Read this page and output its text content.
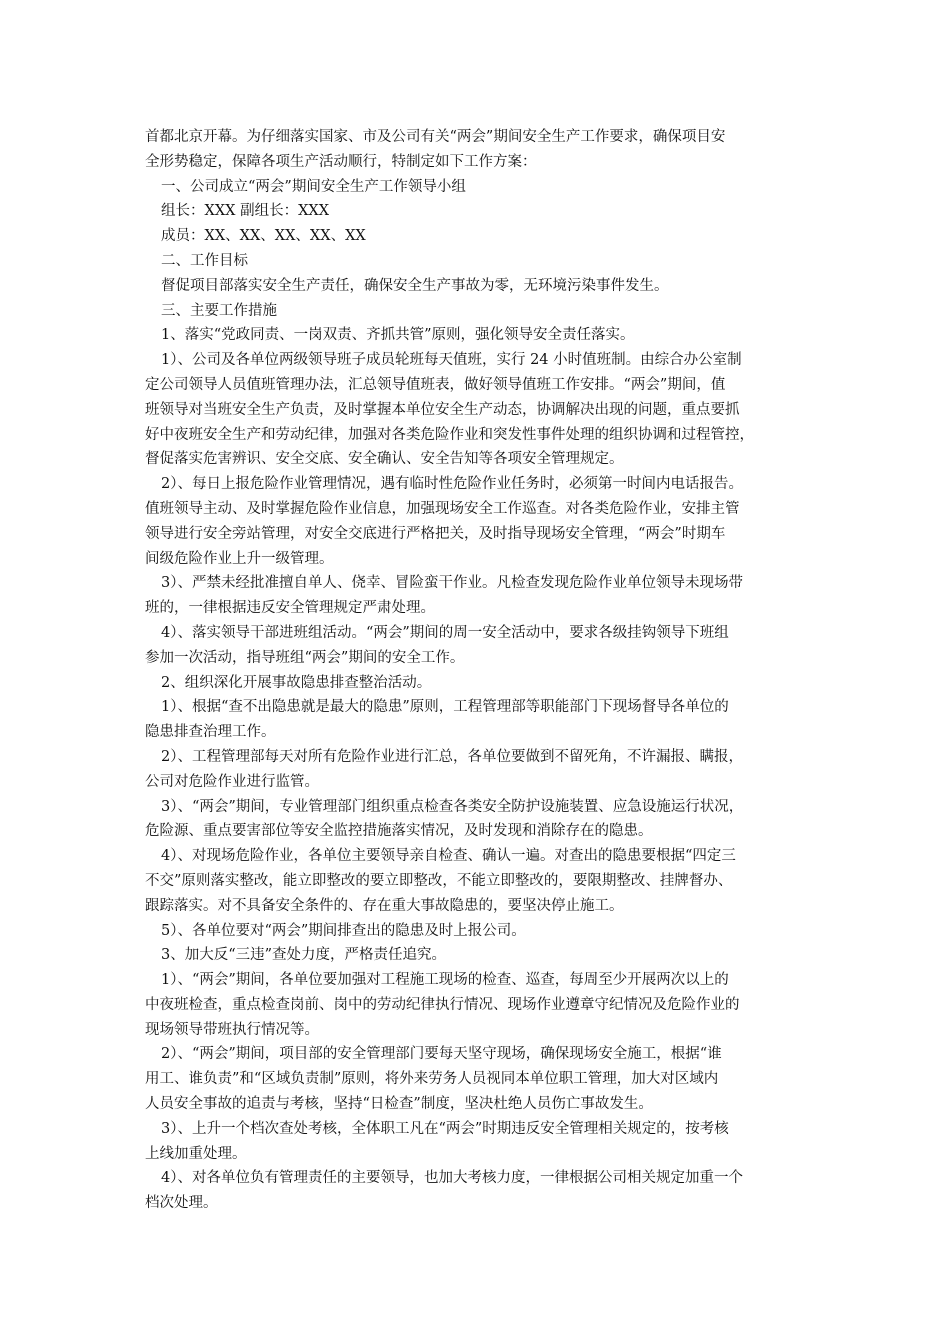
首都北京开幕。为仔细落实国家、市及公司有关“两会”期间安全生产工作要求，确保项目安

全形势稳定，保障各项生产活动顺行，特制定如下工作方案：

一、公司成立“两会”期间安全生产工作领导小组

组长：XXX 副组长：XXX

成员：XX、XX、XX、XX、XX

二、工作目标

督促项目部落实安全生产责任，确保安全生产事故为零，无环境污染事件发生。

三、主要工作措施

1、落实“党政同责、一岗双责、齐抓共管”原则，强化领导安全责任落实。

1）、公司及各单位两级领导班子成员轮班每天值班，实行 24 小时值班制。由综合办公室制

定公司领导人员值班管理办法，汇总领导值班表，做好领导值班工作安排。“两会”期间，值

班领导对当班安全生产负责，及时掌握本单位安全生产动态，协调解决出现的问题，重点要抓

好中夜班安全生产和劳动纪律，加强对各类危险作业和突发性事件处理的组织协调和过程管控，

督促落实危害辨识、安全交底、安全确认、安全告知等各项安全管理规定。

2）、每日上报危险作业管理情况，遇有临时性危险作业任务时，必须第一时间内电话报告。

值班领导主动、及时掌握危险作业信息，加强现场安全工作巡查。对各类危险作业，安排主管

领导进行安全旁站管理，对安全交底进行严格把关，及时指导现场安全管理，“两会”时期车

间级危险作业上升一级管理。

3）、严禁未经批准擅自单人、侥幸、冒险蛮干作业。凡检查发现危险作业单位领导未现场带

班的，一律根据违反安全管理规定严肃处理。

4）、落实领导干部进班组活动。“两会”期间的周一安全活动中，要求各级挂钩领导下班组

参加一次活动，指导班组“两会”期间的安全工作。

2、组织深化开展事故隐患排查整治活动。

1）、根据“查不出隐患就是最大的隐患”原则，工程管理部等职能部门下现场督导各单位的

隐患排查治理工作。

2）、工程管理部每天对所有危险作业进行汇总，各单位要做到不留死角，不许漏报、瞒报，

公司对危险作业进行监管。

3）、“两会”期间，专业管理部门组织重点检查各类安全防护设施装置、应急设施运行状况，

危险源、重点要害部位等安全监控措施落实情况，及时发现和消除存在的隐患。

4）、对现场危险作业，各单位主要领导亲自检查、确认一遍。对查出的隐患要根据“四定三

不交”原则落实整改，能立即整改的要立即整改，不能立即整改的，要限期整改、挂牌督办、

跟踪落实。对不具备安全条件的、存在重大事故隐患的，要坚决停止施工。

5）、各单位要对“两会”期间排查出的隐患及时上报公司。

3、加大反“三违”查处力度，严格责任追究。

1）、“两会”期间，各单位要加强对工程施工现场的检查、巡查，每周至少开展两次以上的

中夜班检查，重点检查岗前、岗中的劳动纪律执行情况、现场作业遵章守纪情况及危险作业的

现场领导带班执行情况等。

2）、“两会”期间，项目部的安全管理部门要每天坚守现场，确保现场安全施工，根据“谁

用工、谁负责”和“区域负责制”原则，将外来劳务人员视同本单位职工管理，加大对区域内

人员安全事故的追责与考核，坚持“日检查”制度，坚决杜绝人员伤亡事故发生。

3）、上升一个档次查处考核，全体职工凡在“两会”时期违反安全管理相关规定的，按考核

上线加重处理。

4）、对各单位负有管理责任的主要领导，也加大考核力度，一律根据公司相关规定加重一个

档次处理。
